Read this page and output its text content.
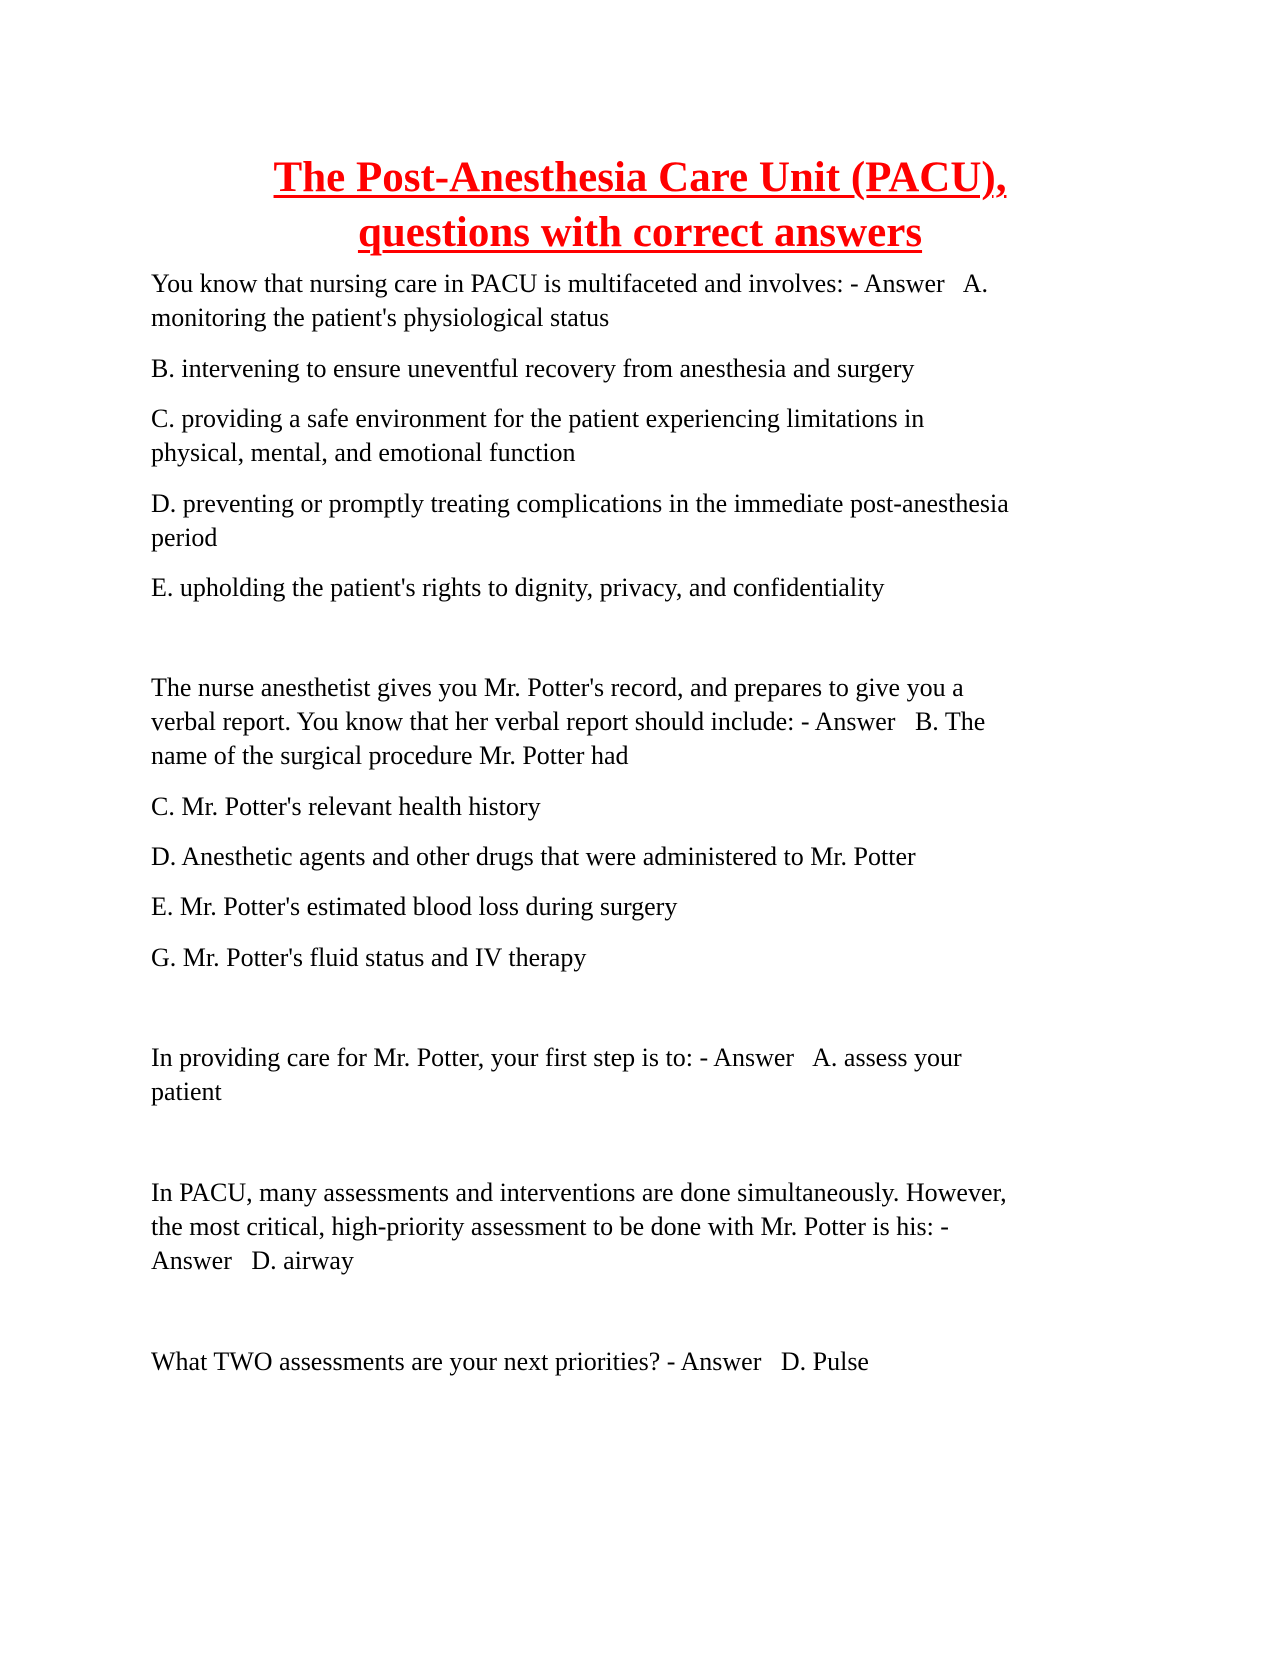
The Post-Anesthesia Care Unit (PACU),
questions with correct answers

You know that nursing care in PACU is multifaceted and involves: - Answer   A.

monitoring the patient's physiological status

B. intervening to ensure uneventful recovery from anesthesia and surgery

C. providing a safe environment for the patient experiencing limitations in

physical, mental, and emotional function

D. preventing or promptly treating complications in the immediate post-anesthesia

period

E. upholding the patient's rights to dignity, privacy, and confidentiality

The nurse anesthetist gives you Mr. Potter's record, and prepares to give you a

verbal report. You know that her verbal report should include: - Answer   B. The

name of the surgical procedure Mr. Potter had

C. Mr. Potter's relevant health history

D. Anesthetic agents and other drugs that were administered to Mr. Potter

E. Mr. Potter's estimated blood loss during surgery

G. Mr. Potter's fluid status and IV therapy

In providing care for Mr. Potter, your first step is to: - Answer   A. assess your

patient

In PACU, many assessments and interventions are done simultaneously. However,

the most critical, high-priority assessment to be done with Mr. Potter is his: -

Answer   D. airway

What TWO assessments are your next priorities? - Answer   D. Pulse
